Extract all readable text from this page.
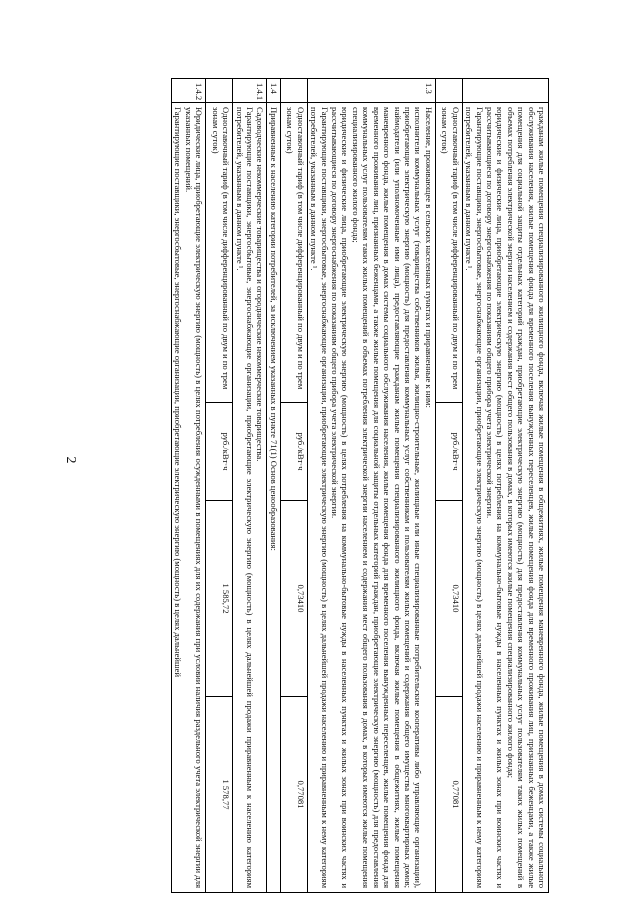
2

	гражданам жилые помещения специализированного жилищного фонда, включая жилые помещения в общежитиях, жилые помещения маневренного фонда, жилые помещения в домах системы социального обслуживания населения, жилые помещения фонда для временного поселения вынужденных переселенцев, жилые помещения фонда для временного проживания лиц, признанных беженцами, а также жилые помещения для социальной защиты отдельных категорий граждан, приобретающие электрическую энергию (мощность) для предоставления коммунальных услуг пользователям таких жилых помещений в объемах потребления электрической энергии населением и содержания мест общего пользования в домах, в которых имеются жилые помещения специализированного жилого фонда;
юридические и физические лица, приобретающие электрическую энергию (мощность) в целях потребления на коммунально-бытовые нужды в населенных пунктах и жилых зонах при воинских частях и рассчитывающиеся по договору энергоснабжения по показаниям общего прибора учета электрической энергии.
Гарантирующие поставщики, энергосбытовые, энергоснабжающие организации, приобретающие электрическую энергию (мощность) в целях дальнейшей продажи населению и приравненным к нему категориям потребителей, указанным в данном пункте ¹.			

	Одноставочный тариф (в том числе дифференцированный по двум и по трем зонам суток)	руб./кВт·ч	0,73410	0,77081
1.3	Население, проживающее в сельских населенных пунктах и приравненные к ним:
исполнители коммунальных услуг (товарищества собственников жилья, жилищно-строительные, жилищные или иные специализированные потребительские кооперативы либо управляющие организации), приобретающие электрическую энергию (мощность) для предоставления коммунальных услуг собственникам и пользователям жилых помещений и содержания общего имущества многоквартирных домов; наймодатели (или уполномоченные ими лица), предоставляющие гражданам жилые помещения специализированного жилищного фонда, включая жилые помещения в общежитиях, жилые помещения маневренного фонда, жилые помещения в домах системы социального обслуживания населения, жилые помещения фонда для временного поселения вынужденных переселенцев, жилые помещения фонда для временного проживания лиц, признанных беженцами, а также жилые помещения для социальной защиты отдельных категорий граждан, приобретающие электрическую энергию (мощность) для предоставления коммунальных услуг пользователям таких жилых помещений в объемах потребления электрической энергии населением и содержания мест общего пользования в домах, в которых имеются жилые помещения специализированного жилого фонда;
юридические и физические лица, приобретающие электрическую энергию (мощность) в целях потребления на коммунально-бытовые нужды в населенных пунктах и жилых зонах при воинских частях и рассчитывающиеся по договору энергоснабжения по показаниям общего прибора учета электрической энергии.
Гарантирующие поставщики, энергосбытовые, энергоснабжающие организации, приобретающие электрическую энергию (мощность) в целях дальнейшей продажи населению и приравненным к нему категориям потребителей, указанным в данном пункте ¹.			

	Одноставочный тариф (в том числе дифференцированный по двум и по трем зонам суток)	руб./кВт·ч	0,73410	0,77081
1.4	Приравненные к населению категории потребителей, за исключением указанных в пункте 71(1) Основ ценообразования:			

1.4.1	Садоводческие некоммерческие товарищества и огороднические некоммерческие товарищества.
Гарантирующие поставщики, энергосбытовые, энергоснабжающие организации, приобретающие электрическую энергию (мощность) в целях дальнейшей продажи приравненным к населению категориям потребителей, указанным в данном пункте ¹.			

	Одноставочный тариф (в том числе дифференцированный по двум и по трем зонам суток)	руб./кВт·ч	1 585,72	1 578,77
1.4.2	Юридические лица, приобретающие электрическую энергию (мощность) в целях потребления осужденными в помещениях для их содержания при условии наличия раздельного учета электрической энергии для указанных помещений.
Гарантирующие поставщики, энергосбытовые, энергоснабжающие организации, приобретающие электрическую энергию (мощность) в целях дальнейшей			
